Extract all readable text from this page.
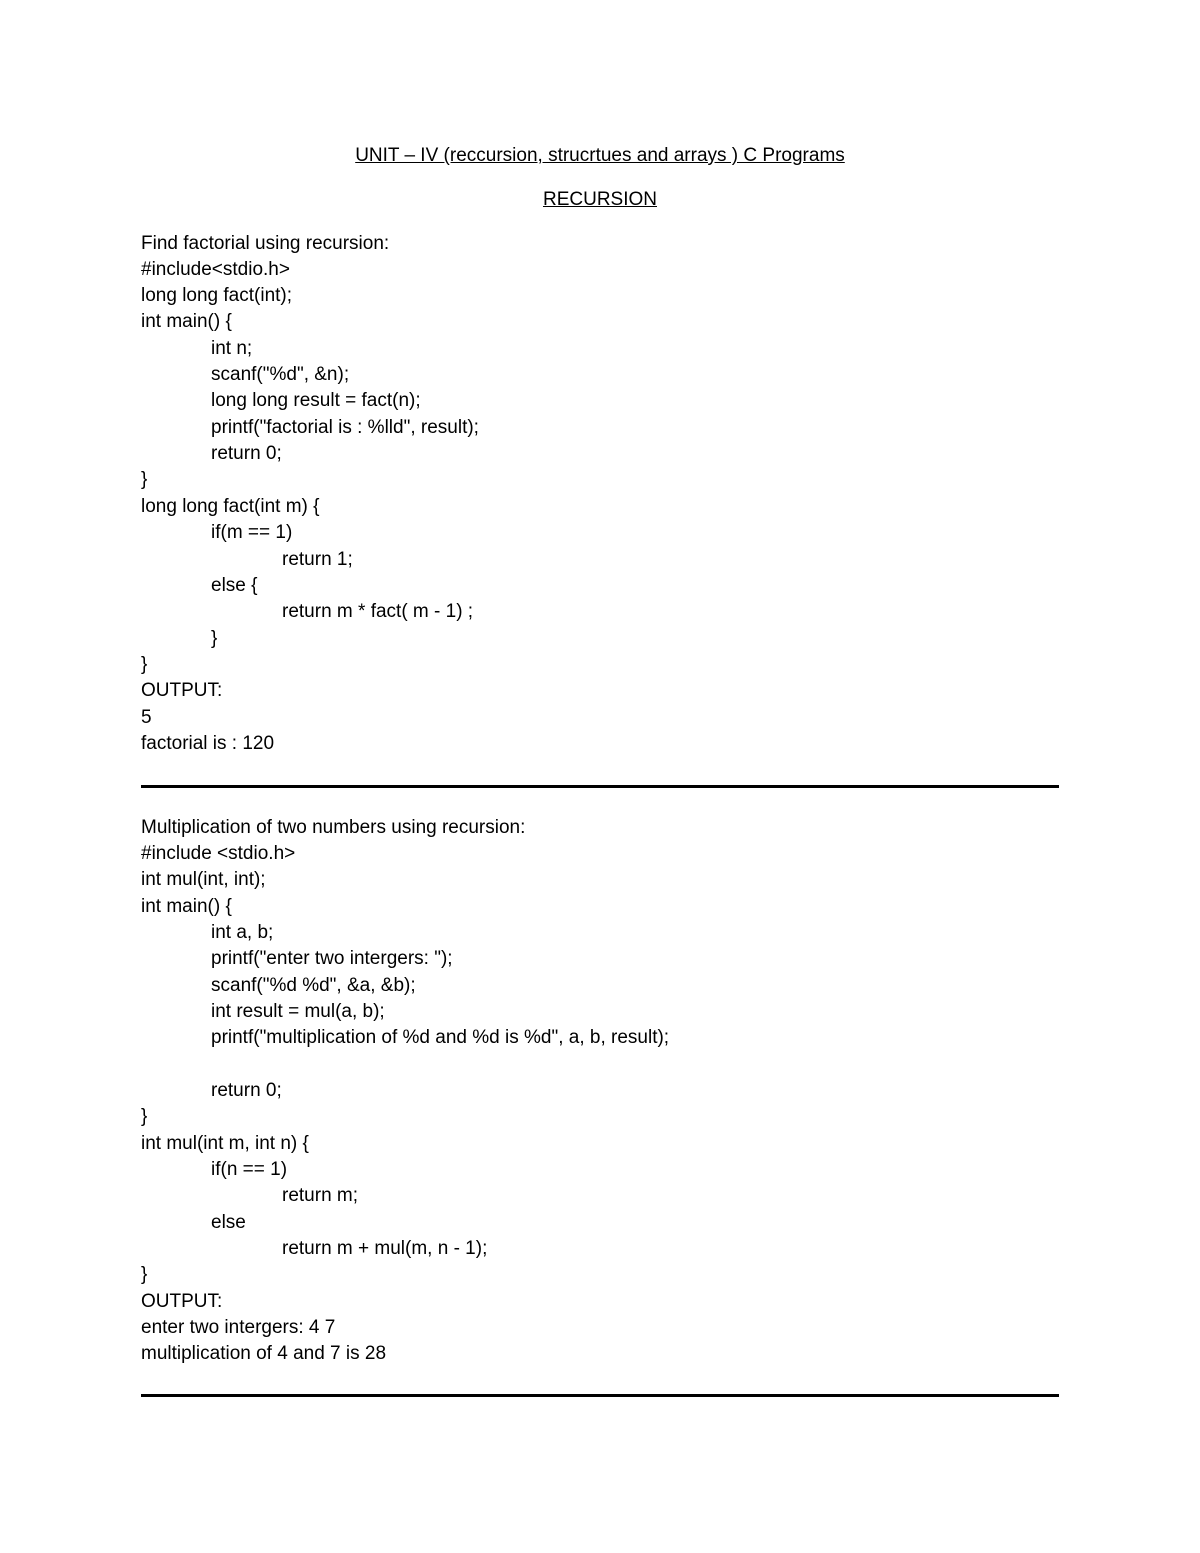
UNIT – IV (reccursion, strucrtues and arrays ) C Programs
RECURSION
Find factorial using recursion:
#include<stdio.h>
long long fact(int);
int main() {
int n;
scanf("%d", &n);
long long result = fact(n);
printf("factorial is : %lld", result);
return 0;
}
long long fact(int m) {
if(m == 1)
return 1;
else {
return m * fact( m - 1) ;
}
}
OUTPUT:
5
factorial is : 120
Multiplication of two numbers using recursion:
#include <stdio.h>
int mul(int, int);
int main() {
int a, b;
printf("enter two intergers: ");
scanf("%d %d", &a, &b);
int result = mul(a, b);
printf("multiplication of %d and %d is %d", a, b, result);
return 0;
}
int mul(int m, int n) {
if(n == 1)
return m;
else
return m + mul(m, n - 1);
}
OUTPUT:
enter two intergers: 4 7
multiplication of 4 and 7 is 28
